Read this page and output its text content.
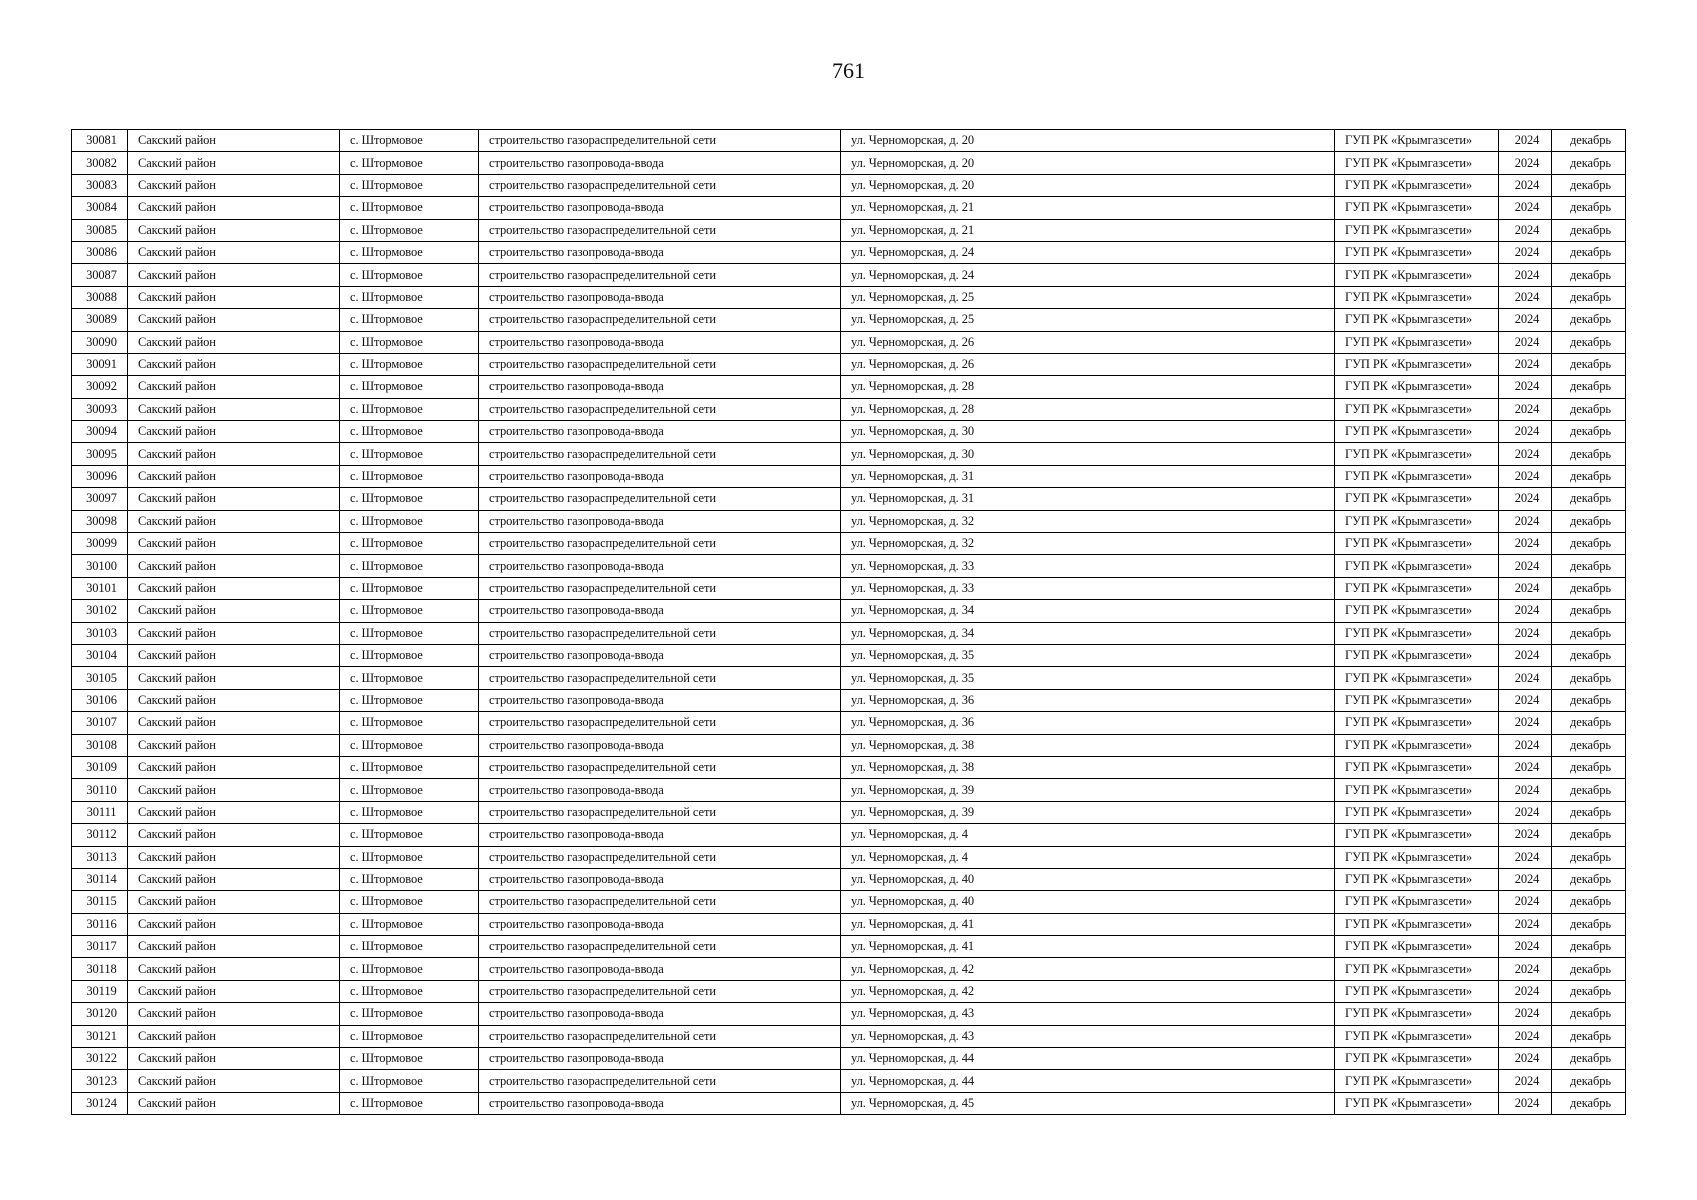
761
30081	Сакский район	с. Штормовое	строительство газораспределительной сети	ул. Черноморская, д. 20	ГУП РК «Крымгазсети»	2024	декабрь
30082	Сакский район	с. Штормовое	строительство газопровода-ввода	ул. Черноморская, д. 20	ГУП РК «Крымгазсети»	2024	декабрь
30083	Сакский район	с. Штормовое	строительство газораспределительной сети	ул. Черноморская, д. 20	ГУП РК «Крымгазсети»	2024	декабрь
30084	Сакский район	с. Штормовое	строительство газопровода-ввода	ул. Черноморская, д. 21	ГУП РК «Крымгазсети»	2024	декабрь
30085	Сакский район	с. Штормовое	строительство газораспределительной сети	ул. Черноморская, д. 21	ГУП РК «Крымгазсети»	2024	декабрь
30086	Сакский район	с. Штормовое	строительство газопровода-ввода	ул. Черноморская, д. 24	ГУП РК «Крымгазсети»	2024	декабрь
30087	Сакский район	с. Штормовое	строительство газораспределительной сети	ул. Черноморская, д. 24	ГУП РК «Крымгазсети»	2024	декабрь
30088	Сакский район	с. Штормовое	строительство газопровода-ввода	ул. Черноморская, д. 25	ГУП РК «Крымгазсети»	2024	декабрь
30089	Сакский район	с. Штормовое	строительство газораспределительной сети	ул. Черноморская, д. 25	ГУП РК «Крымгазсети»	2024	декабрь
30090	Сакский район	с. Штормовое	строительство газопровода-ввода	ул. Черноморская, д. 26	ГУП РК «Крымгазсети»	2024	декабрь
30091	Сакский район	с. Штормовое	строительство газораспределительной сети	ул. Черноморская, д. 26	ГУП РК «Крымгазсети»	2024	декабрь
30092	Сакский район	с. Штормовое	строительство газопровода-ввода	ул. Черноморская, д. 28	ГУП РК «Крымгазсети»	2024	декабрь
30093	Сакский район	с. Штормовое	строительство газораспределительной сети	ул. Черноморская, д. 28	ГУП РК «Крымгазсети»	2024	декабрь
30094	Сакский район	с. Штормовое	строительство газопровода-ввода	ул. Черноморская, д. 30	ГУП РК «Крымгазсети»	2024	декабрь
30095	Сакский район	с. Штормовое	строительство газораспределительной сети	ул. Черноморская, д. 30	ГУП РК «Крымгазсети»	2024	декабрь
30096	Сакский район	с. Штормовое	строительство газопровода-ввода	ул. Черноморская, д. 31	ГУП РК «Крымгазсети»	2024	декабрь
30097	Сакский район	с. Штормовое	строительство газораспределительной сети	ул. Черноморская, д. 31	ГУП РК «Крымгазсети»	2024	декабрь
30098	Сакский район	с. Штормовое	строительство газопровода-ввода	ул. Черноморская, д. 32	ГУП РК «Крымгазсети»	2024	декабрь
30099	Сакский район	с. Штормовое	строительство газораспределительной сети	ул. Черноморская, д. 32	ГУП РК «Крымгазсети»	2024	декабрь
30100	Сакский район	с. Штормовое	строительство газопровода-ввода	ул. Черноморская, д. 33	ГУП РК «Крымгазсети»	2024	декабрь
30101	Сакский район	с. Штормовое	строительство газораспределительной сети	ул. Черноморская, д. 33	ГУП РК «Крымгазсети»	2024	декабрь
30102	Сакский район	с. Штормовое	строительство газопровода-ввода	ул. Черноморская, д. 34	ГУП РК «Крымгазсети»	2024	декабрь
30103	Сакский район	с. Штормовое	строительство газораспределительной сети	ул. Черноморская, д. 34	ГУП РК «Крымгазсети»	2024	декабрь
30104	Сакский район	с. Штормовое	строительство газопровода-ввода	ул. Черноморская, д. 35	ГУП РК «Крымгазсети»	2024	декабрь
30105	Сакский район	с. Штормовое	строительство газораспределительной сети	ул. Черноморская, д. 35	ГУП РК «Крымгазсети»	2024	декабрь
30106	Сакский район	с. Штормовое	строительство газопровода-ввода	ул. Черноморская, д. 36	ГУП РК «Крымгазсети»	2024	декабрь
30107	Сакский район	с. Штормовое	строительство газораспределительной сети	ул. Черноморская, д. 36	ГУП РК «Крымгазсети»	2024	декабрь
30108	Сакский район	с. Штормовое	строительство газопровода-ввода	ул. Черноморская, д. 38	ГУП РК «Крымгазсети»	2024	декабрь
30109	Сакский район	с. Штормовое	строительство газораспределительной сети	ул. Черноморская, д. 38	ГУП РК «Крымгазсети»	2024	декабрь
30110	Сакский район	с. Штормовое	строительство газопровода-ввода	ул. Черноморская, д. 39	ГУП РК «Крымгазсети»	2024	декабрь
30111	Сакский район	с. Штормовое	строительство газораспределительной сети	ул. Черноморская, д. 39	ГУП РК «Крымгазсети»	2024	декабрь
30112	Сакский район	с. Штормовое	строительство газопровода-ввода	ул. Черноморская, д. 4	ГУП РК «Крымгазсети»	2024	декабрь
30113	Сакский район	с. Штормовое	строительство газораспределительной сети	ул. Черноморская, д. 4	ГУП РК «Крымгазсети»	2024	декабрь
30114	Сакский район	с. Штормовое	строительство газопровода-ввода	ул. Черноморская, д. 40	ГУП РК «Крымгазсети»	2024	декабрь
30115	Сакский район	с. Штормовое	строительство газораспределительной сети	ул. Черноморская, д. 40	ГУП РК «Крымгазсети»	2024	декабрь
30116	Сакский район	с. Штормовое	строительство газопровода-ввода	ул. Черноморская, д. 41	ГУП РК «Крымгазсети»	2024	декабрь
30117	Сакский район	с. Штормовое	строительство газораспределительной сети	ул. Черноморская, д. 41	ГУП РК «Крымгазсети»	2024	декабрь
30118	Сакский район	с. Штормовое	строительство газопровода-ввода	ул. Черноморская, д. 42	ГУП РК «Крымгазсети»	2024	декабрь
30119	Сакский район	с. Штормовое	строительство газораспределительной сети	ул. Черноморская, д. 42	ГУП РК «Крымгазсети»	2024	декабрь
30120	Сакский район	с. Штормовое	строительство газопровода-ввода	ул. Черноморская, д. 43	ГУП РК «Крымгазсети»	2024	декабрь
30121	Сакский район	с. Штормовое	строительство газораспределительной сети	ул. Черноморская, д. 43	ГУП РК «Крымгазсети»	2024	декабрь
30122	Сакский район	с. Штормовое	строительство газопровода-ввода	ул. Черноморская, д. 44	ГУП РК «Крымгазсети»	2024	декабрь
30123	Сакский район	с. Штормовое	строительство газораспределительной сети	ул. Черноморская, д. 44	ГУП РК «Крымгазсети»	2024	декабрь
30124	Сакский район	с. Штормовое	строительство газопровода-ввода	ул. Черноморская, д. 45	ГУП РК «Крымгазсети»	2024	декабрь
